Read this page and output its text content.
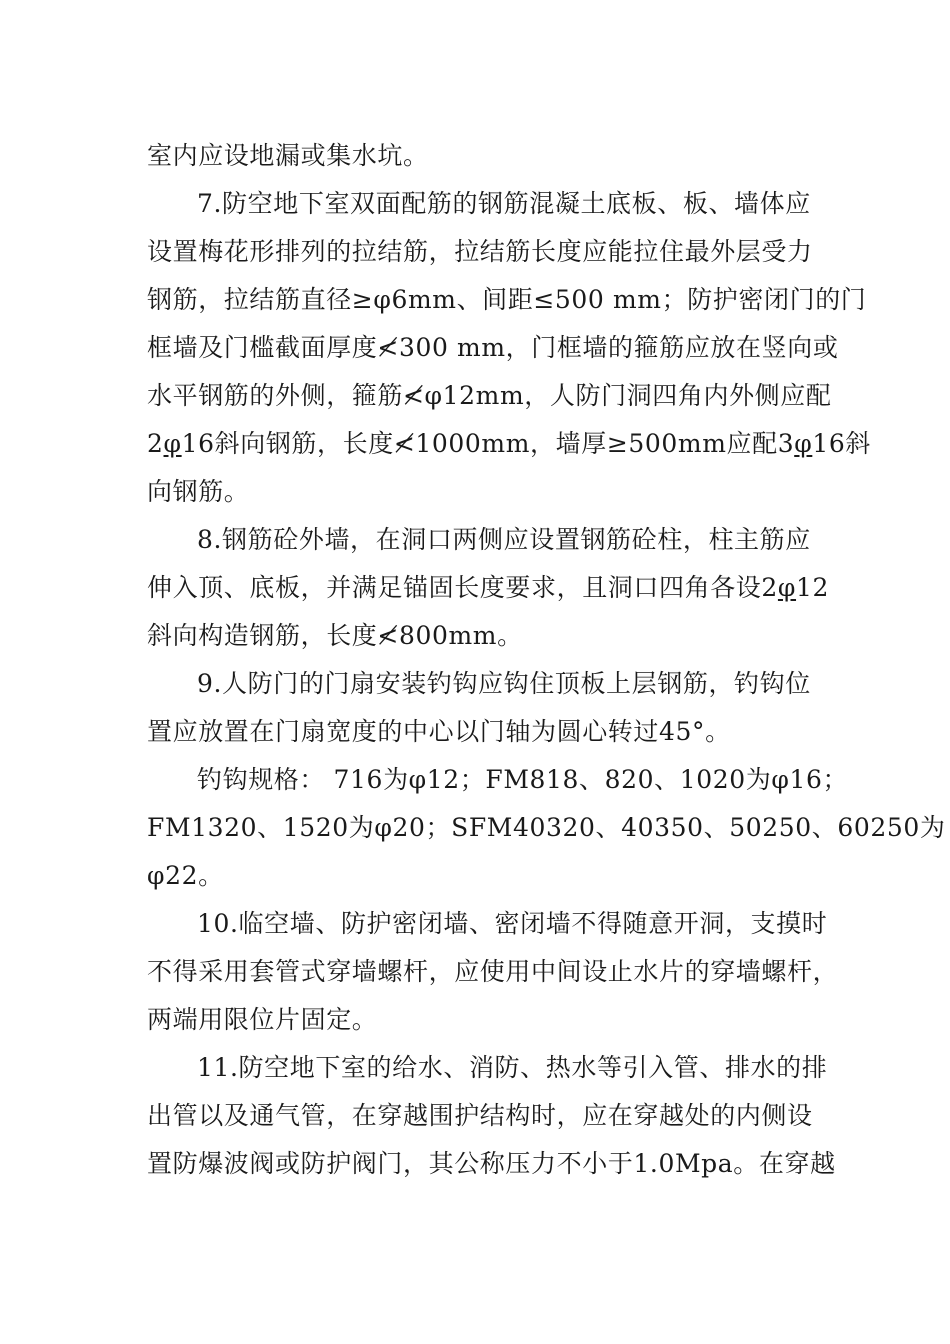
室内应设地漏或集水坑。
7.防空地下室双面配筋的钢筋混凝土底板、板、墙体应
设置梅花形排列的拉结筋，拉结筋长度应能拉住最外层受力
钢筋，拉结筋直径≥φ6mm、间距≤500 mm；防护密闭门的门
框墙及门槛截面厚度≮300 mm，门框墙的箍筋应放在竖向或
水平钢筋的外侧，箍筋≮φ12mm，人防门洞四角内外侧应配
2φ16斜向钢筋，长度≮1000mm，墙厚≥500mm应配3φ16斜
向钢筋。
8.钢筋砼外墙，在洞口两侧应设置钢筋砼柱，柱主筋应
伸入顶、底板，并满足锚固长度要求，且洞口四角各设2φ12
斜向构造钢筋，长度≮800mm。
9.人防门的门扇安装钓钩应钩住顶板上层钢筋，钓钩位
置应放置在门扇宽度的中心以门轴为圆心转过45°。
钓钩规格： 716为φ12；FM818、820、1020为φ16；
FM1320、1520为φ20；SFM40320、40350、50250、60250为
φ22。
10.临空墙、防护密闭墙、密闭墙不得随意开洞，支摸时
不得采用套管式穿墙螺杆，应使用中间设止水片的穿墙螺杆，
两端用限位片固定。
11.防空地下室的给水、消防、热水等引入管、排水的排
出管以及通气管，在穿越围护结构时，应在穿越处的内侧设
置防爆波阀或防护阀门，其公称压力不小于1.0Mpa。在穿越
